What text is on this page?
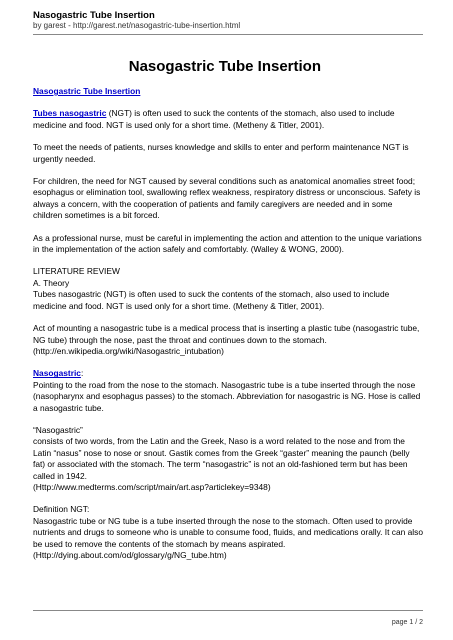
Nasogastric Tube Insertion
by garest - http://garest.net/nasogastric-tube-insertion.html
Nasogastric Tube Insertion

Nasogastric Tube Insertion

Tubes nasogastric (NGT) is often used to suck the contents of the stomach, also used to include medicine and food. NGT is used only for a short time. (Metheny & Titler, 2001).

To meet the needs of patients, nurses knowledge and skills to enter and perform maintenance NGT is urgently needed.

For children, the need for NGT caused by several conditions such as anatomical anomalies street food; esophagus or elimination tool, swallowing reflex weakness, respiratory distress or unconscious. Safety is always a concern, with the cooperation of patients and family caregivers are needed and in some children sometimes is a bit forced.

As a professional nurse, must be careful in implementing the action and attention to the unique variations in the implementation of the action safely and comfortably. (Walley & WONG, 2000).

LITERATURE REVIEW
A. Theory
Tubes nasogastric (NGT) is often used to suck the contents of the stomach, also used to include medicine and food. NGT is used only for a short time. (Metheny & Titler, 2001).

Act of mounting a nasogastric tube is a medical process that is inserting a plastic tube (nasogastric tube, NG tube) through the nose, past the throat and continues down to the stomach. (http://en.wikipedia.org/wiki/Nasogastric_intubation)

Nasogastric:
Pointing to the road from the nose to the stomach. Nasogastric tube is a tube inserted through the nose (nasopharynx and esophagus passes) to the stomach. Abbreviation for nasogastric is NG. Hose is called a nasogastric tube.

“Nasogastric”
consists of two words, from the Latin and the Greek, Naso is a word related to the nose and from the Latin “nasus” nose to nose or snout. Gastik comes from the Greek “gaster” meaning the paunch (belly fat) or associated with the stomach. The term “nasogastric” is not an old-fashioned term but has been called in 1942.
(Http://www.medterms.com/script/main/art.asp?articlekey=9348)

Definition NGT:
Nasogastric tube or NG tube is a tube inserted through the nose to the stomach. Often used to provide nutrients and drugs to someone who is unable to consume food, fluids, and medications orally. It can also be used to remove the contents of the stomach by means aspirated.
(Http://dying.about.com/od/glossary/g/NG_tube.htm)

page 1 / 2
